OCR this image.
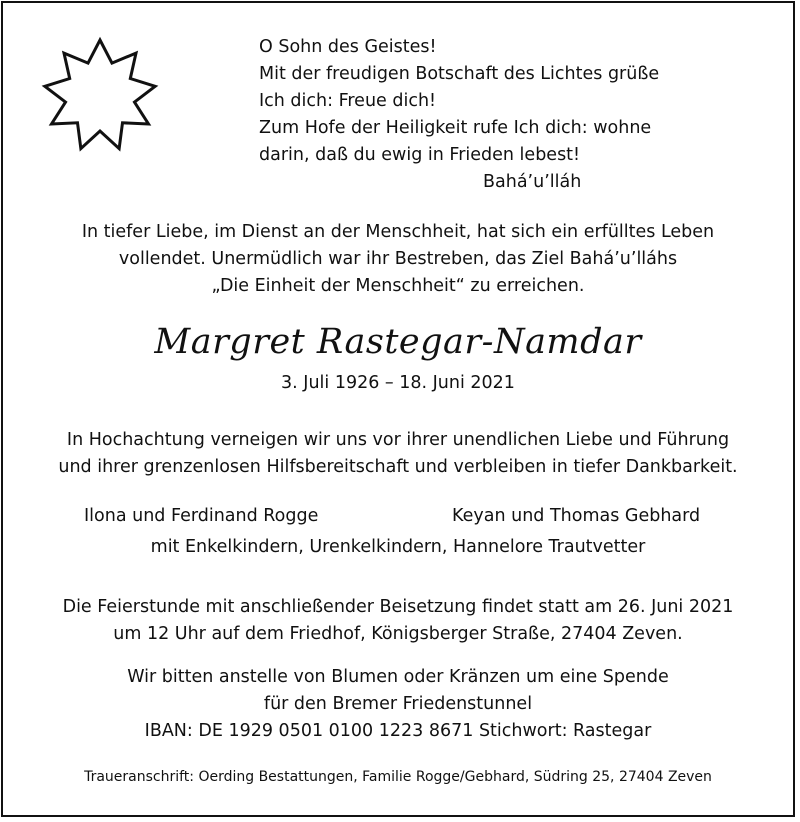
O Sohn des Geistes!
Mit der freudigen Botschaft des Lichtes grüße
Ich dich: Freue dich!
Zum Hofe der Heiligkeit rufe Ich dich: wohne
darin, daß du ewig in Frieden lebest!
Bahá’u’lláh
In tiefer Liebe, im Dienst an der Menschheit, hat sich ein erfülltes Leben
vollendet. Unermüdlich war ihr Bestreben, das Ziel Bahá’u’lláhs
„Die Einheit der Menschheit“ zu erreichen.
Margret Rastegar-Namdar
3. Juli 1926 – 18. Juni 2021
In Hochachtung verneigen wir uns vor ihrer unendlichen Liebe und Führung
und ihrer grenzenlosen Hilfsbereitschaft und verbleiben in tiefer Dankbarkeit.
Ilona und Ferdinand Rogge	Keyan und Thomas Gebhard
mit Enkelkindern, Urenkelkindern, Hannelore Trautvetter
Die Feierstunde mit anschließender Beisetzung findet statt am 26. Juni 2021
um 12 Uhr auf dem Friedhof, Königsberger Straße, 27404 Zeven.
Wir bitten anstelle von Blumen oder Kränzen um eine Spende
für den Bremer Friedenstunnel
IBAN: DE 1929 0501 0100 1223 8671 Stichwort: Rastegar
Traueranschrift: Oerding Bestattungen, Familie Rogge/Gebhard, Südring 25, 27404 Zeven
